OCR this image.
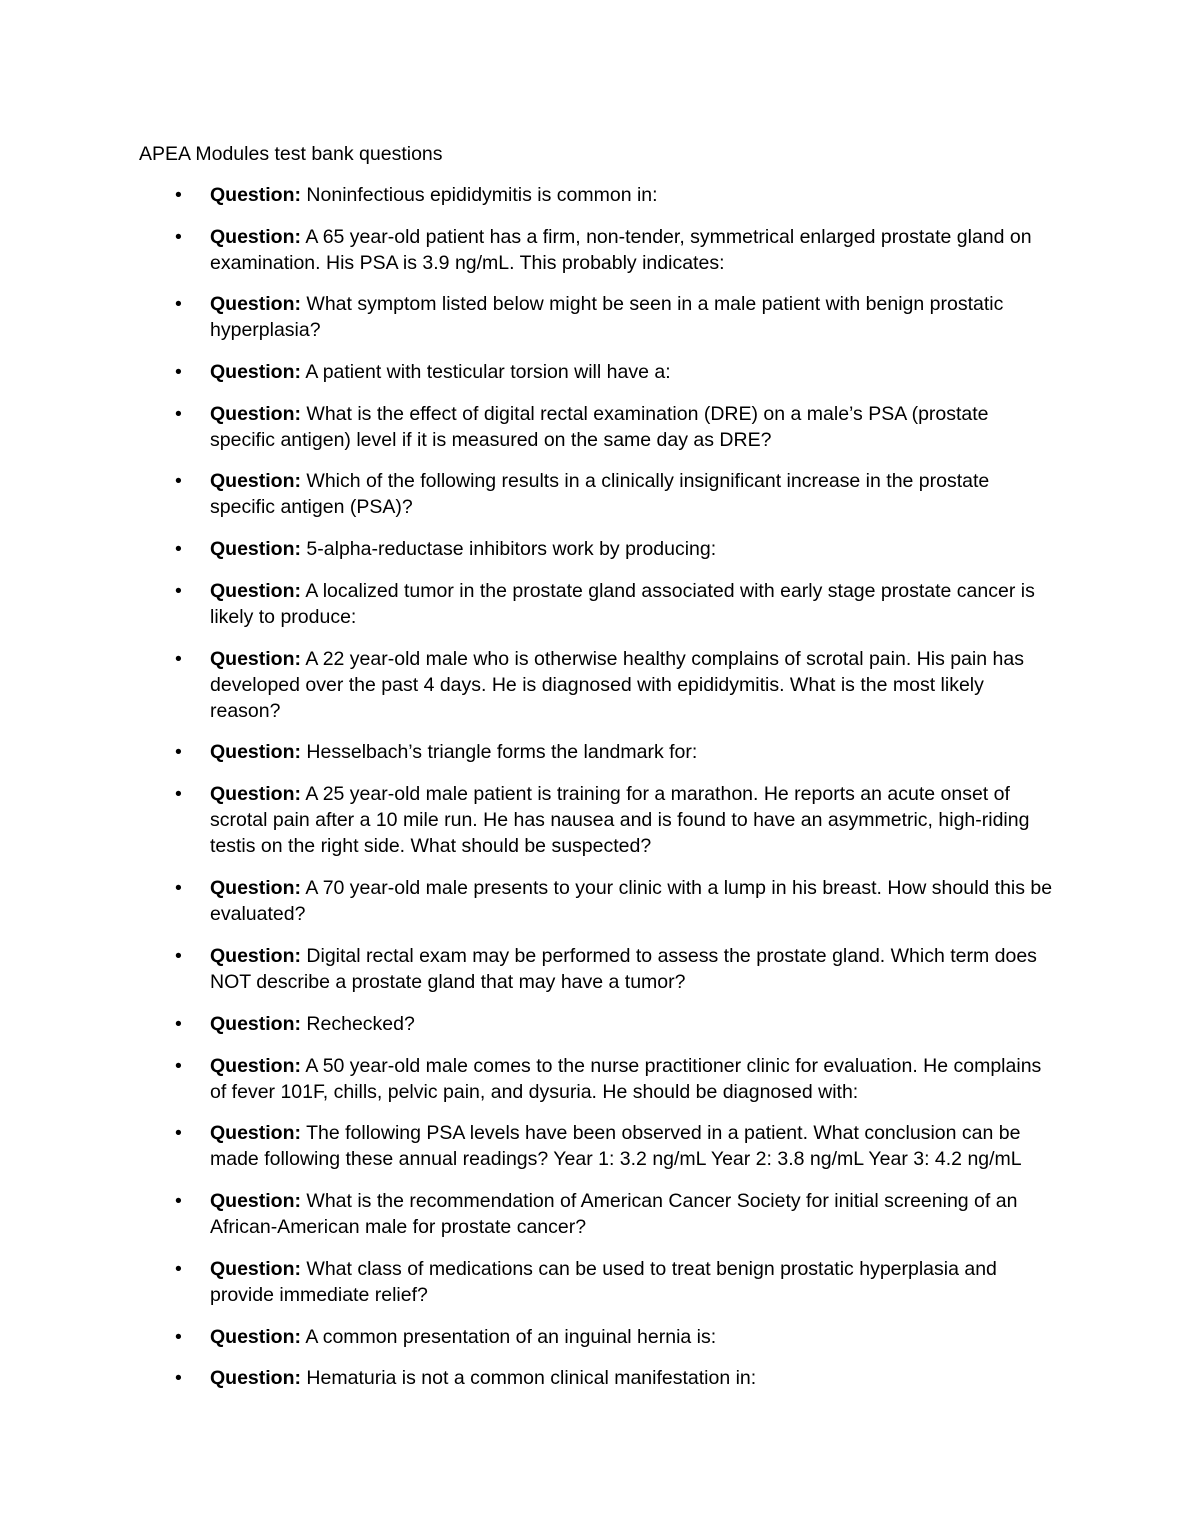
APEA Modules test bank questions
• Question: Noninfectious epididymitis is common in:
• Question: A 65 year-old patient has a firm, non-tender, symmetrical enlarged prostate gland on examination. His PSA is 3.9 ng/mL. This probably indicates:
• Question: What symptom listed below might be seen in a male patient with benign prostatic hyperplasia?
• Question: A patient with testicular torsion will have a:
• Question: What is the effect of digital rectal examination (DRE) on a male’s PSA (prostate specific antigen) level if it is measured on the same day as DRE?
• Question: Which of the following results in a clinically insignificant increase in the prostate specific antigen (PSA)?
• Question: 5-alpha-reductase inhibitors work by producing:
• Question: A localized tumor in the prostate gland associated with early stage prostate cancer is likely to produce:
• Question: A 22 year-old male who is otherwise healthy complains of scrotal pain. His pain has developed over the past 4 days. He is diagnosed with epididymitis. What is the most likely reason?
• Question: Hesselbach’s triangle forms the landmark for:
• Question: A 25 year-old male patient is training for a marathon. He reports an acute onset of scrotal pain after a 10 mile run. He has nausea and is found to have an asymmetric, high-riding testis on the right side. What should be suspected?
• Question: A 70 year-old male presents to your clinic with a lump in his breast. How should this be evaluated?
• Question: Digital rectal exam may be performed to assess the prostate gland. Which term does NOT describe a prostate gland that may have a tumor?
• Question: Rechecked?
• Question: A 50 year-old male comes to the nurse practitioner clinic for evaluation. He complains of fever 101F, chills, pelvic pain, and dysuria. He should be diagnosed with:
• Question: The following PSA levels have been observed in a patient. What conclusion can be made following these annual readings? Year 1: 3.2 ng/mL Year 2: 3.8 ng/mL Year 3: 4.2 ng/mL
• Question: What is the recommendation of American Cancer Society for initial screening of an African-American male for prostate cancer?
• Question: What class of medications can be used to treat benign prostatic hyperplasia and provide immediate relief?
• Question: A common presentation of an inguinal hernia is:
• Question: Hematuria is not a common clinical manifestation in:
